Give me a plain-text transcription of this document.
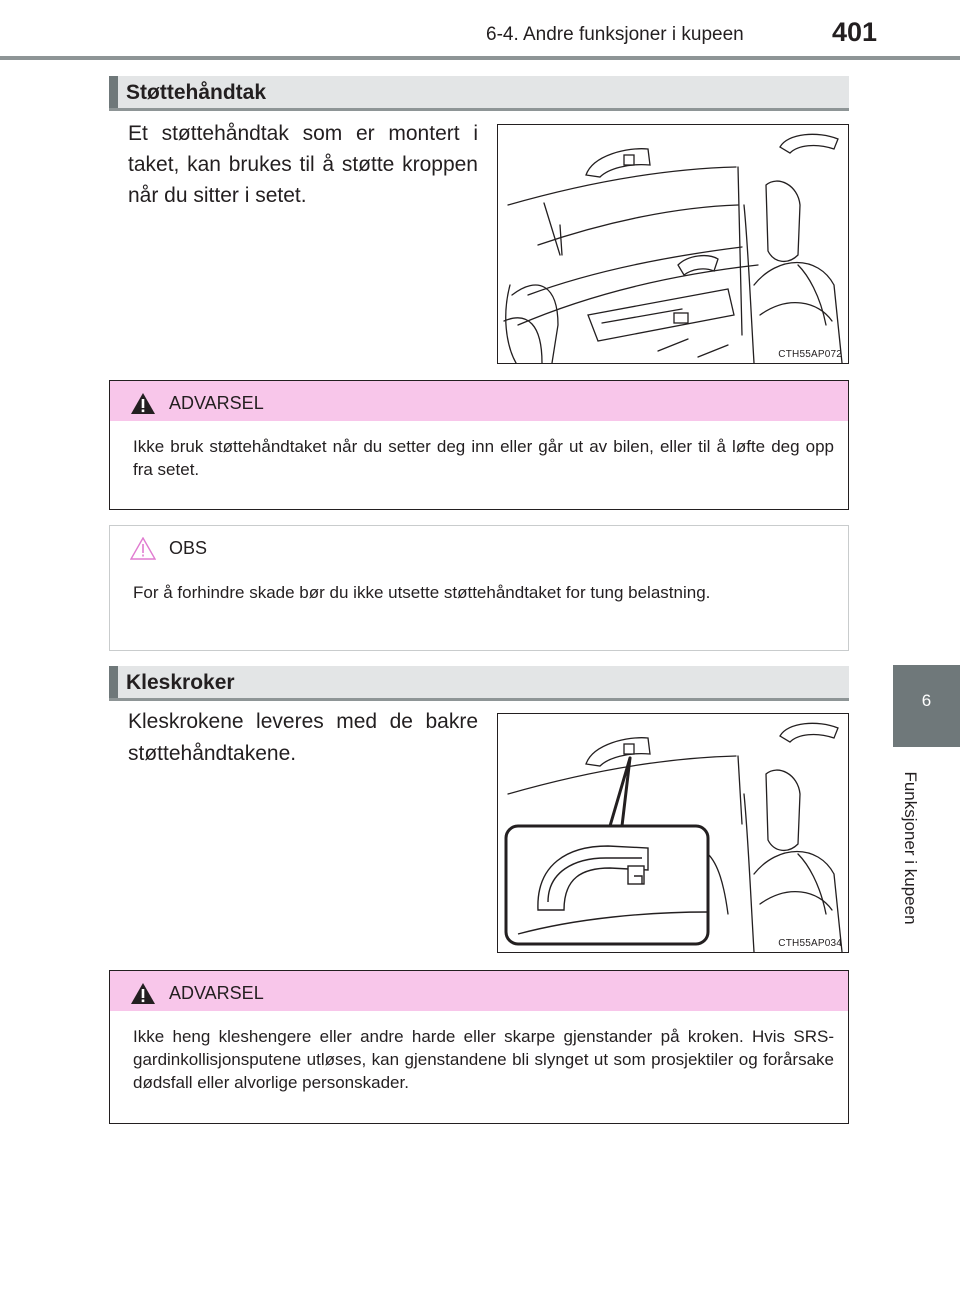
6-4. Andre funksjoner i kupeen	401
6
Funksjoner i kupeen
Støttehåndtak
Et støttehåndtak som er montert i taket, kan brukes til å støtte kroppen når du sitter i setet.
CTH55AP072
ADVARSEL
Ikke bruk støttehåndtaket når du setter deg inn eller går ut av bilen, eller til å løfte deg opp fra setet.
OBS
For å forhindre skade bør du ikke utsette støttehåndtaket for tung belastning.
Kleskroker
Kleskrokene leveres med de bakre støttehåndtakene.
CTH55AP034
ADVARSEL
Ikke heng kleshengere eller andre harde eller skarpe gjenstander på kroken. Hvis SRS-gardinkollisjonsputene utløses, kan gjenstandene bli slynget ut som prosjektiler og forårsake dødsfall eller alvorlige personskader.
